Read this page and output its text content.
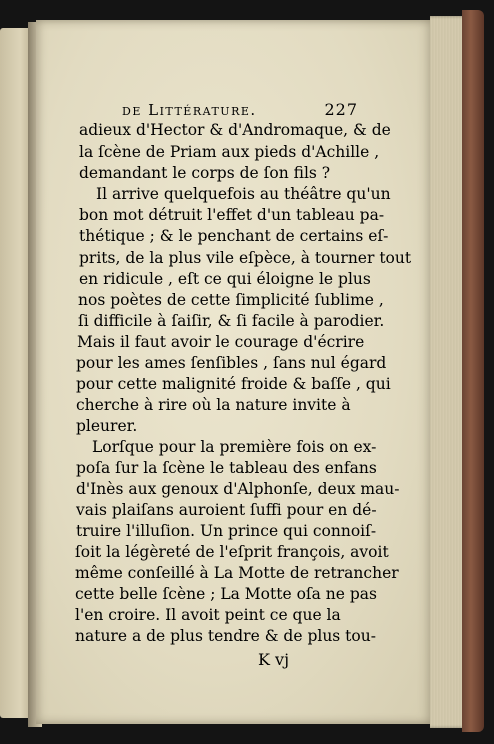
de Littérature.	227
adieux d'Hector & d'Andromaque, & de
la ſcène de Priam aux pieds d'Achille ,
demandant le corps de ſon fils ?
Il arrive quelquefois au théâtre qu'un
bon mot détruit l'effet d'un tableau pa-
thétique ; & le penchant de certains eſ-
prits, de la plus vile eſpèce, à tourner tout
en ridicule , eſt ce qui éloigne le plus
nos poètes de cette ſimplicité ſublime ,
ſi difficile à ſaiſir, & ſi facile à parodier.
Mais il faut avoir le courage d'écrire
pour les ames ſenſibles , ſans nul égard
pour cette malignité froide & baſſe , qui
cherche à rire où la nature invite à
pleurer.
Lorſque pour la première fois on ex-
poſa ſur la ſcène le tableau des enfans
d'Inès aux genoux d'Alphonſe, deux mau-
vais plaiſans auroient ſuffi pour en dé-
truire l'illuſion. Un prince qui connoiſ-
ſoit la légèreté de l'eſprit françois, avoit
même conſeillé à La Motte de retrancher
cette belle ſcène ; La Motte oſa ne pas
l'en croire. Il avoit peint ce que la
nature a de plus tendre & de plus tou-
K vj
